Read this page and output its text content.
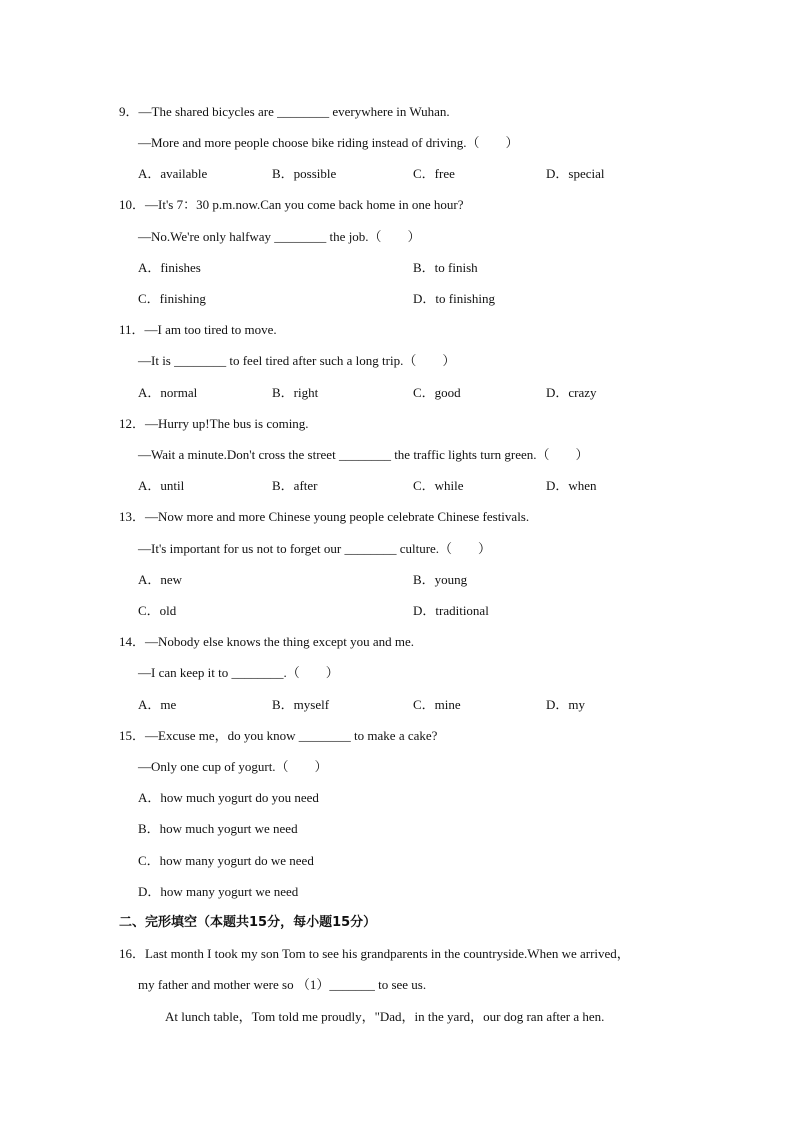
9．—The shared bicycles are ________ everywhere in Wuhan.
—More and more people choose bike riding instead of driving.（　　）
A．available	B．possible	C．free	D．special
10．—It's 7：30 p.m.now.Can you come back home in one hour?
—No.We're only halfway ________ the job.（　　）
A．finishes	B．to finish
C．finishing	D．to finishing
11．—I am too tired to move.
—It is ________ to feel tired after such a long trip.（　　）
A．normal	B．right	C．good	D．crazy
12．—Hurry up!The bus is coming.
—Wait a minute.Don't cross the street ________ the traffic lights turn green.（　　）
A．until	B．after	C．while	D．when
13．—Now more and more Chinese young people celebrate Chinese festivals.
—It's important for us not to forget our ________ culture.（　　）
A．new	B．young
C．old	D．traditional
14．—Nobody else knows the thing except you and me.
—I can keep it to ________.（　　）
A．me	B．myself	C．mine	D．my
15．—Excuse me，do you know ________ to make a cake?
—Only one cup of yogurt.（　　）
A．how much yogurt do you need
B．how much yogurt we need
C．how many yogurt do we need
D．how many yogurt we need
二、完形填空（本题共15分，每小题15分）
16．Last month I took my son Tom to see his grandparents in the countryside.When we arrived，
my father and mother were so （1）_______ to see us.
At lunch table，Tom told me proudly，"Dad，in the yard，our dog ran after a hen.
